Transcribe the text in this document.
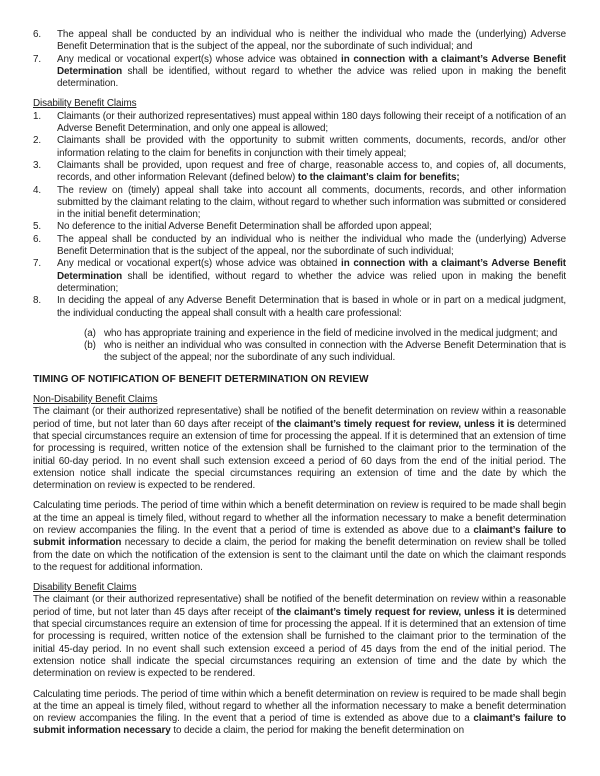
6. The appeal shall be conducted by an individual who is neither the individual who made the (underlying) Adverse Benefit Determination that is the subject of the appeal, nor the subordinate of such individual; and
7. Any medical or vocational expert(s) whose advice was obtained in connection with a claimant’s Adverse Benefit Determination shall be identified, without regard to whether the advice was relied upon in making the benefit determination.
Disability Benefit Claims
1. Claimants (or their authorized representatives) must appeal within 180 days following their receipt of a notification of an Adverse Benefit Determination, and only one appeal is allowed;
2. Claimants shall be provided with the opportunity to submit written comments, documents, records, and/or other information relating to the claim for benefits in conjunction with their timely appeal;
3. Claimants shall be provided, upon request and free of charge, reasonable access to, and copies of, all documents, records, and other information Relevant (defined below) to the claimant’s claim for benefits;
4. The review on (timely) appeal shall take into account all comments, documents, records, and other information submitted by the claimant relating to the claim, without regard to whether such information was submitted or considered in the initial benefit determination;
5. No deference to the initial Adverse Benefit Determination shall be afforded upon appeal;
6. The appeal shall be conducted by an individual who is neither the individual who made the (underlying) Adverse Benefit Determination that is the subject of the appeal, nor the subordinate of such individual;
7. Any medical or vocational expert(s) whose advice was obtained in connection with a claimant’s Adverse Benefit Determination shall be identified, without regard to whether the advice was relied upon in making the benefit determination;
8. In deciding the appeal of any Adverse Benefit Determination that is based in whole or in part on a medical judgment, the individual conducting the appeal shall consult with a health care professional:
(a) who has appropriate training and experience in the field of medicine involved in the medical judgment; and
(b) who is neither an individual who was consulted in connection with the Adverse Benefit Determination that is the subject of the appeal; nor the subordinate of any such individual.
TIMING OF NOTIFICATION OF BENEFIT DETERMINATION ON REVIEW
Non-Disability Benefit Claims

The claimant (or their authorized representative) shall be notified of the benefit determination on review within a reasonable period of time, but not later than 60 days after receipt of the claimant’s timely request for review, unless it is determined that special circumstances require an extension of time for processing the appeal. If it is determined that an extension of time for processing is required, written notice of the extension shall be furnished to the claimant prior to the termination of the initial 60-day period. In no event shall such extension exceed a period of 60 days from the end of the initial period. The extension notice shall indicate the special circumstances requiring an extension of time and the date by which the determination on review is expected to be rendered.

Calculating time periods. The period of time within which a benefit determination on review is required to be made shall begin at the time an appeal is timely filed, without regard to whether all the information necessary to make a benefit determination on review accompanies the filing. In the event that a period of time is extended as above due to a claimant’s failure to submit information necessary to decide a claim, the period for making the benefit determination on review shall be tolled from the date on which the notification of the extension is sent to the claimant until the date on which the claimant responds to the request for additional information.

Disability Benefit Claims

The claimant (or their authorized representative) shall be notified of the benefit determination on review within a reasonable period of time, but not later than 45 days after receipt of the claimant’s timely request for review, unless it is determined that special circumstances require an extension of time for processing the appeal. If it is determined that an extension of time for processing is required, written notice of the extension shall be furnished to the claimant prior to the termination of the initial 45-day period. In no event shall such extension exceed a period of 45 days from the end of the initial period. The extension notice shall indicate the special circumstances requiring an extension of time and the date by which the determination on review is expected to be rendered.

Calculating time periods. The period of time within which a benefit determination on review is required to be made shall begin at the time an appeal is timely filed, without regard to whether all the information necessary to make a benefit determination on review accompanies the filing. In the event that a period of time is extended as above due to a claimant’s failure to submit information necessary to decide a claim, the period for making the benefit determination on
